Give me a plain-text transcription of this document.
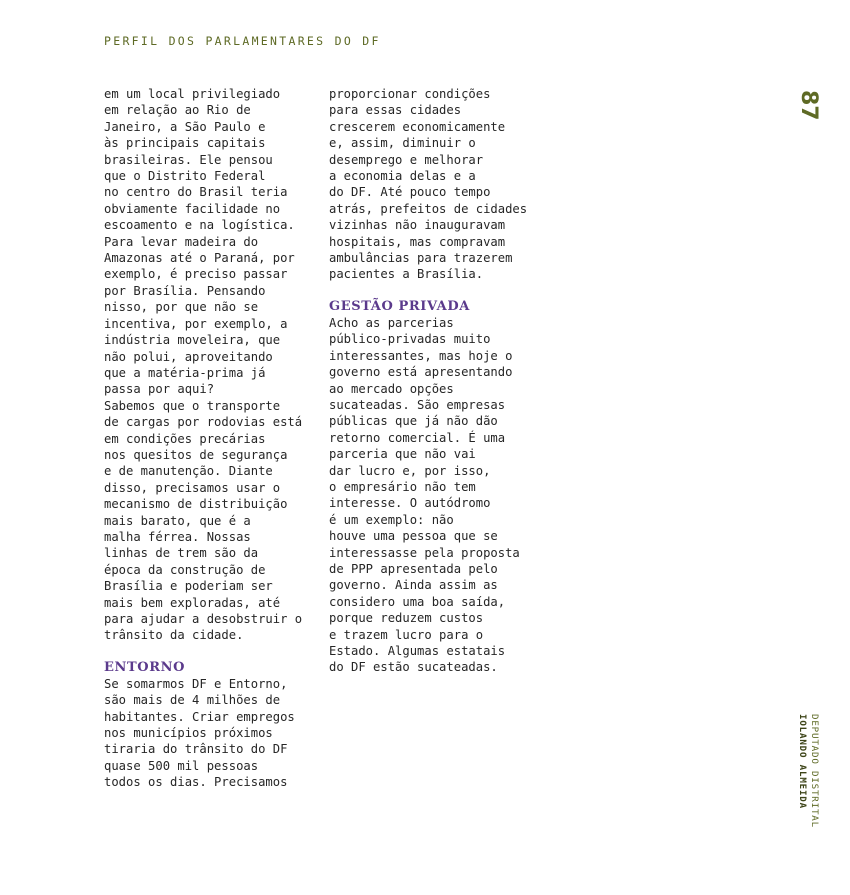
PERFIL DOS PARLAMENTARES DO DF
87
em um local privilegiado
em relação ao Rio de
Janeiro, a São Paulo e
às principais capitais
brasileiras. Ele pensou
que o Distrito Federal
no centro do Brasil teria
obviamente facilidade no
escoamento e na logística.
Para levar madeira do
Amazonas até o Paraná, por
exemplo, é preciso passar
por Brasília. Pensando
nisso, por que não se
incentiva, por exemplo, a
indústria moveleira, que
não polui, aproveitando
que a matéria-prima já
passa por aqui?
Sabemos que o transporte
de cargas por rodovias está
em condições precárias
nos quesitos de segurança
e de manutenção. Diante
disso, precisamos usar o
mecanismo de distribuição
mais barato, que é a
malha férrea. Nossas
linhas de trem são da
época da construção de
Brasília e poderiam ser
mais bem exploradas, até
para ajudar a desobstruir o
trânsito da cidade.
ENTORNO
Se somarmos DF e Entorno,
são mais de 4 milhões de
habitantes. Criar empregos
nos municípios próximos
tiraria do trânsito do DF
quase 500 mil pessoas
todos os dias. Precisamos
proporcionar condições
para essas cidades
crescerem economicamente
e, assim, diminuir o
desemprego e melhorar
a economia delas e a
do DF. Até pouco tempo
atrás, prefeitos de cidades
vizinhas não inauguravam
hospitais, mas compravam
ambulâncias para trazerem
pacientes a Brasília.
GESTÃO PRIVADA
Acho as parcerias
público-privadas muito
interessantes, mas hoje o
governo está apresentando
ao mercado opções
sucateadas. São empresas
públicas que já não dão
retorno comercial. É uma
parceria que não vai
dar lucro e, por isso,
o empresário não tem
interesse. O autódromo
é um exemplo: não
houve uma pessoa que se
interessasse pela proposta
de PPP apresentada pelo
governo. Ainda assim as
considero uma boa saída,
porque reduzem custos
e trazem lucro para o
Estado. Algumas estatais
do DF estão sucateadas.
DEPUTADO DISTRITAL
IOLANDO ALMEIDA
